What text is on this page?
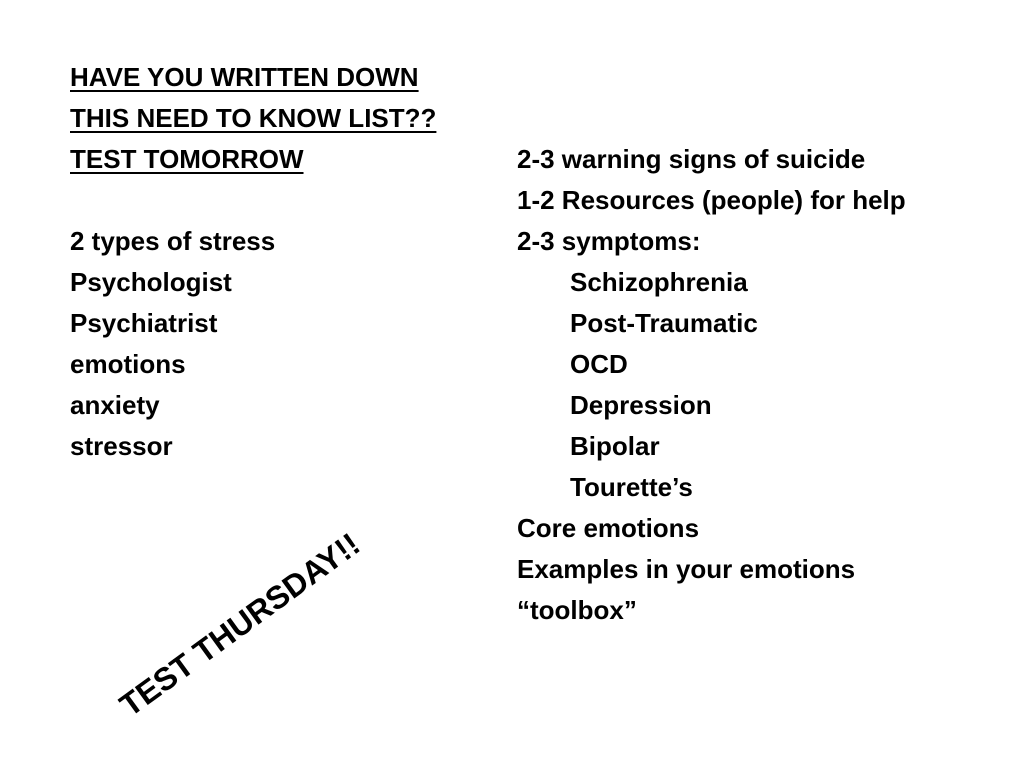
HAVE YOU WRITTEN DOWN
THIS NEED TO KNOW LIST??
TEST TOMORROW
2 types of stress
Psychologist
Psychiatrist
emotions
anxiety
stressor
2-3 warning signs of suicide
1-2 Resources (people) for help
2-3 symptoms:
Schizophrenia
Post-Traumatic
OCD
Depression
Bipolar
Tourette’s
Core emotions
Examples in your emotions
“toolbox”
TEST THURSDAY!!
